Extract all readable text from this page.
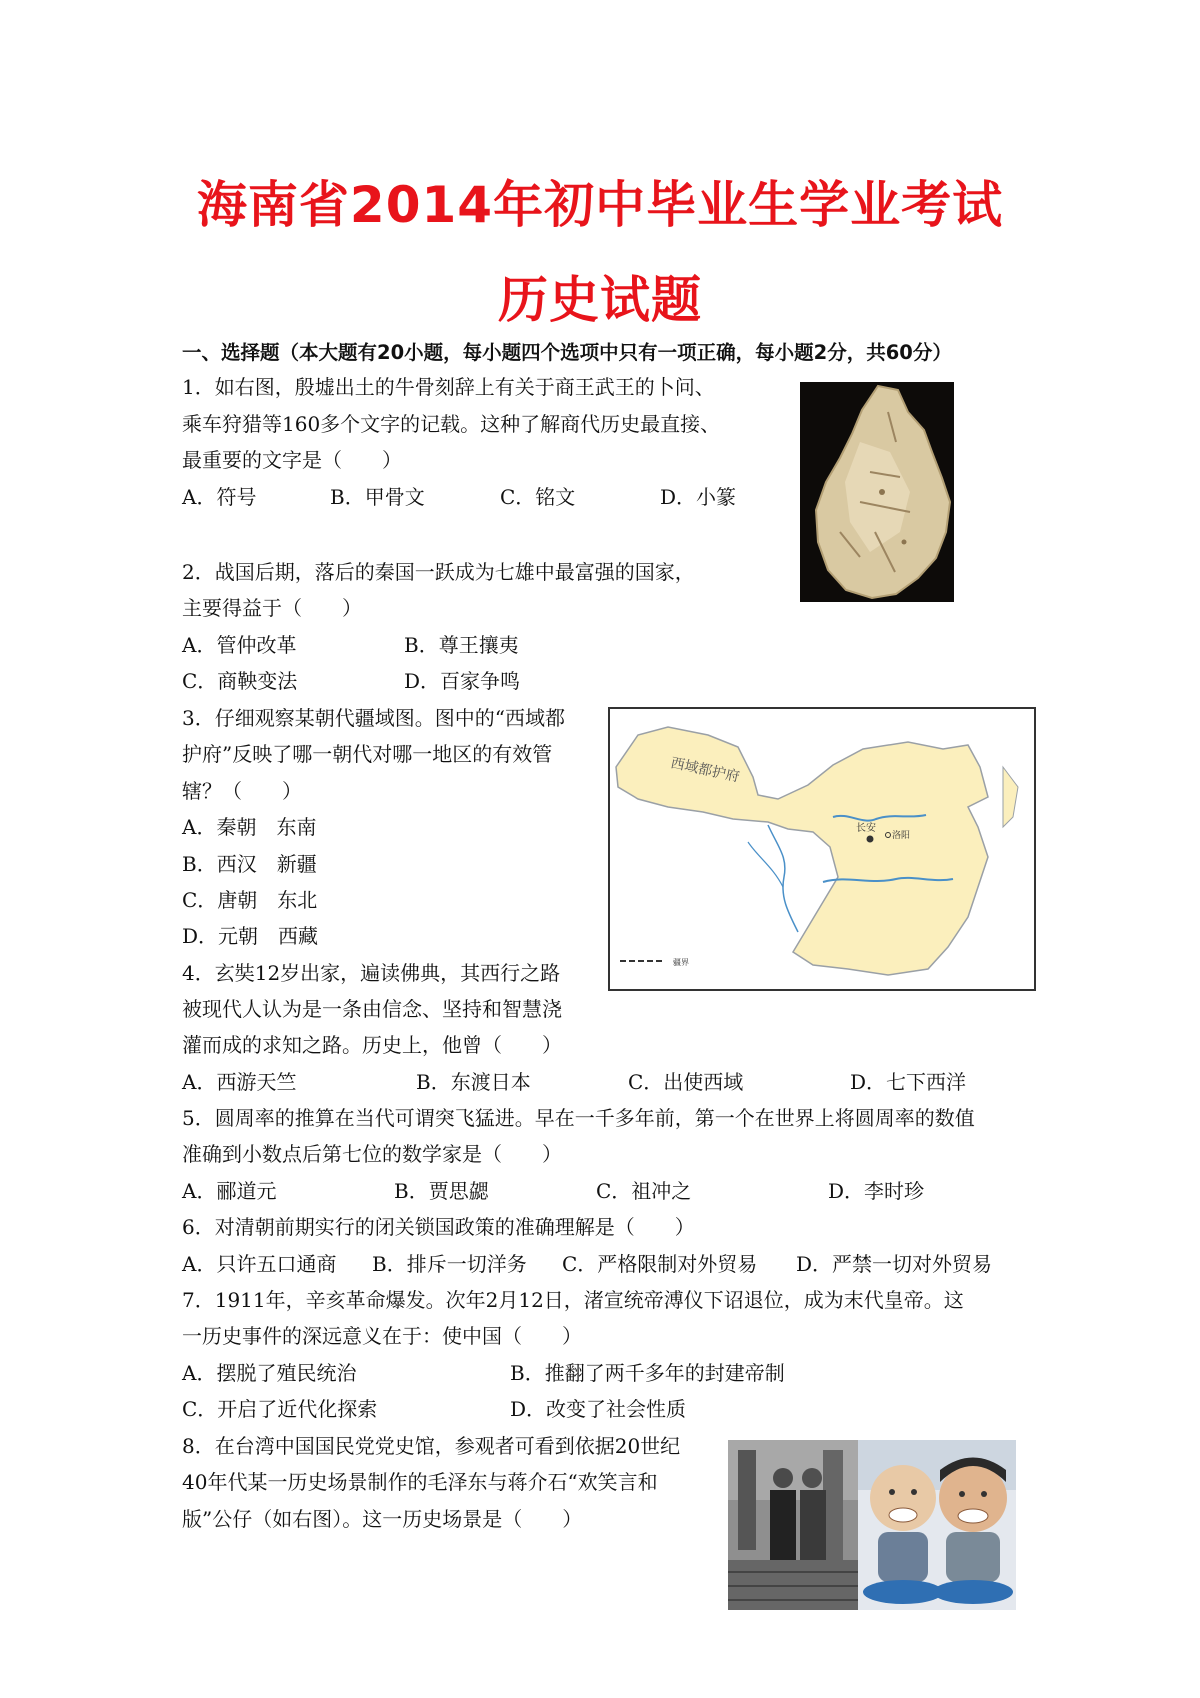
海南省2014年初中毕业生学业考试
历史试题
一、选择题（本大题有20小题，每小题四个选项中只有一项正确，每小题2分，共60分）
1．如右图，殷墟出土的牛骨刻辞上有关于商王武王的卜问、
乘车狩猎等160多个文字的记载。这种了解商代历史最直接、
最重要的文字是（　　）
A．符号	B．甲骨文	C．铭文	D．小篆
2．战国后期，落后的秦国一跃成为七雄中最富强的国家，
主要得益于（　　）
A．管仲改革	B．尊王攘夷
C．商鞅变法	D．百家争鸣
3．仔细观察某朝代疆域图。图中的“西域都
护府”反映了哪一朝代对哪一地区的有效管
辖？（　　）
A．秦朝　东南
B．西汉　新疆
C．唐朝　东北
D．元朝　西藏
4．玄奘12岁出家，遍读佛典，其西行之路
被现代人认为是一条由信念、坚持和智慧浇
灌而成的求知之路。历史上，他曾（　　）
A．西游天竺	B．东渡日本	C．出使西域	D．七下西洋
5．圆周率的推算在当代可谓突飞猛进。早在一千多年前，第一个在世界上将圆周率的数值
准确到小数点后第七位的数学家是（　　）
A．郦道元	B．贾思勰	C．祖冲之	D．李时珍
6．对清朝前期实行的闭关锁国政策的准确理解是（　　）
A．只许五口通商 B．排斥一切洋务 C．严格限制对外贸易 D．严禁一切对外贸易
7．1911年，辛亥革命爆发。次年2月12日，渚宣统帝溥仪下诏退位，成为末代皇帝。这
一历史事件的深远意义在于：使中国（　　）
A．摆脱了殖民统治	B．推翻了两千多年的封建帝制
C．开启了近代化探索	D．改变了社会性质
8．在台湾中国国民党党史馆，参观者可看到依据20世纪
40年代某一历史场景制作的毛泽东与蒋介石“欢笑言和
版”公仔（如右图）。这一历史场景是（　　）
西域都护府
长安
洛阳
疆界
